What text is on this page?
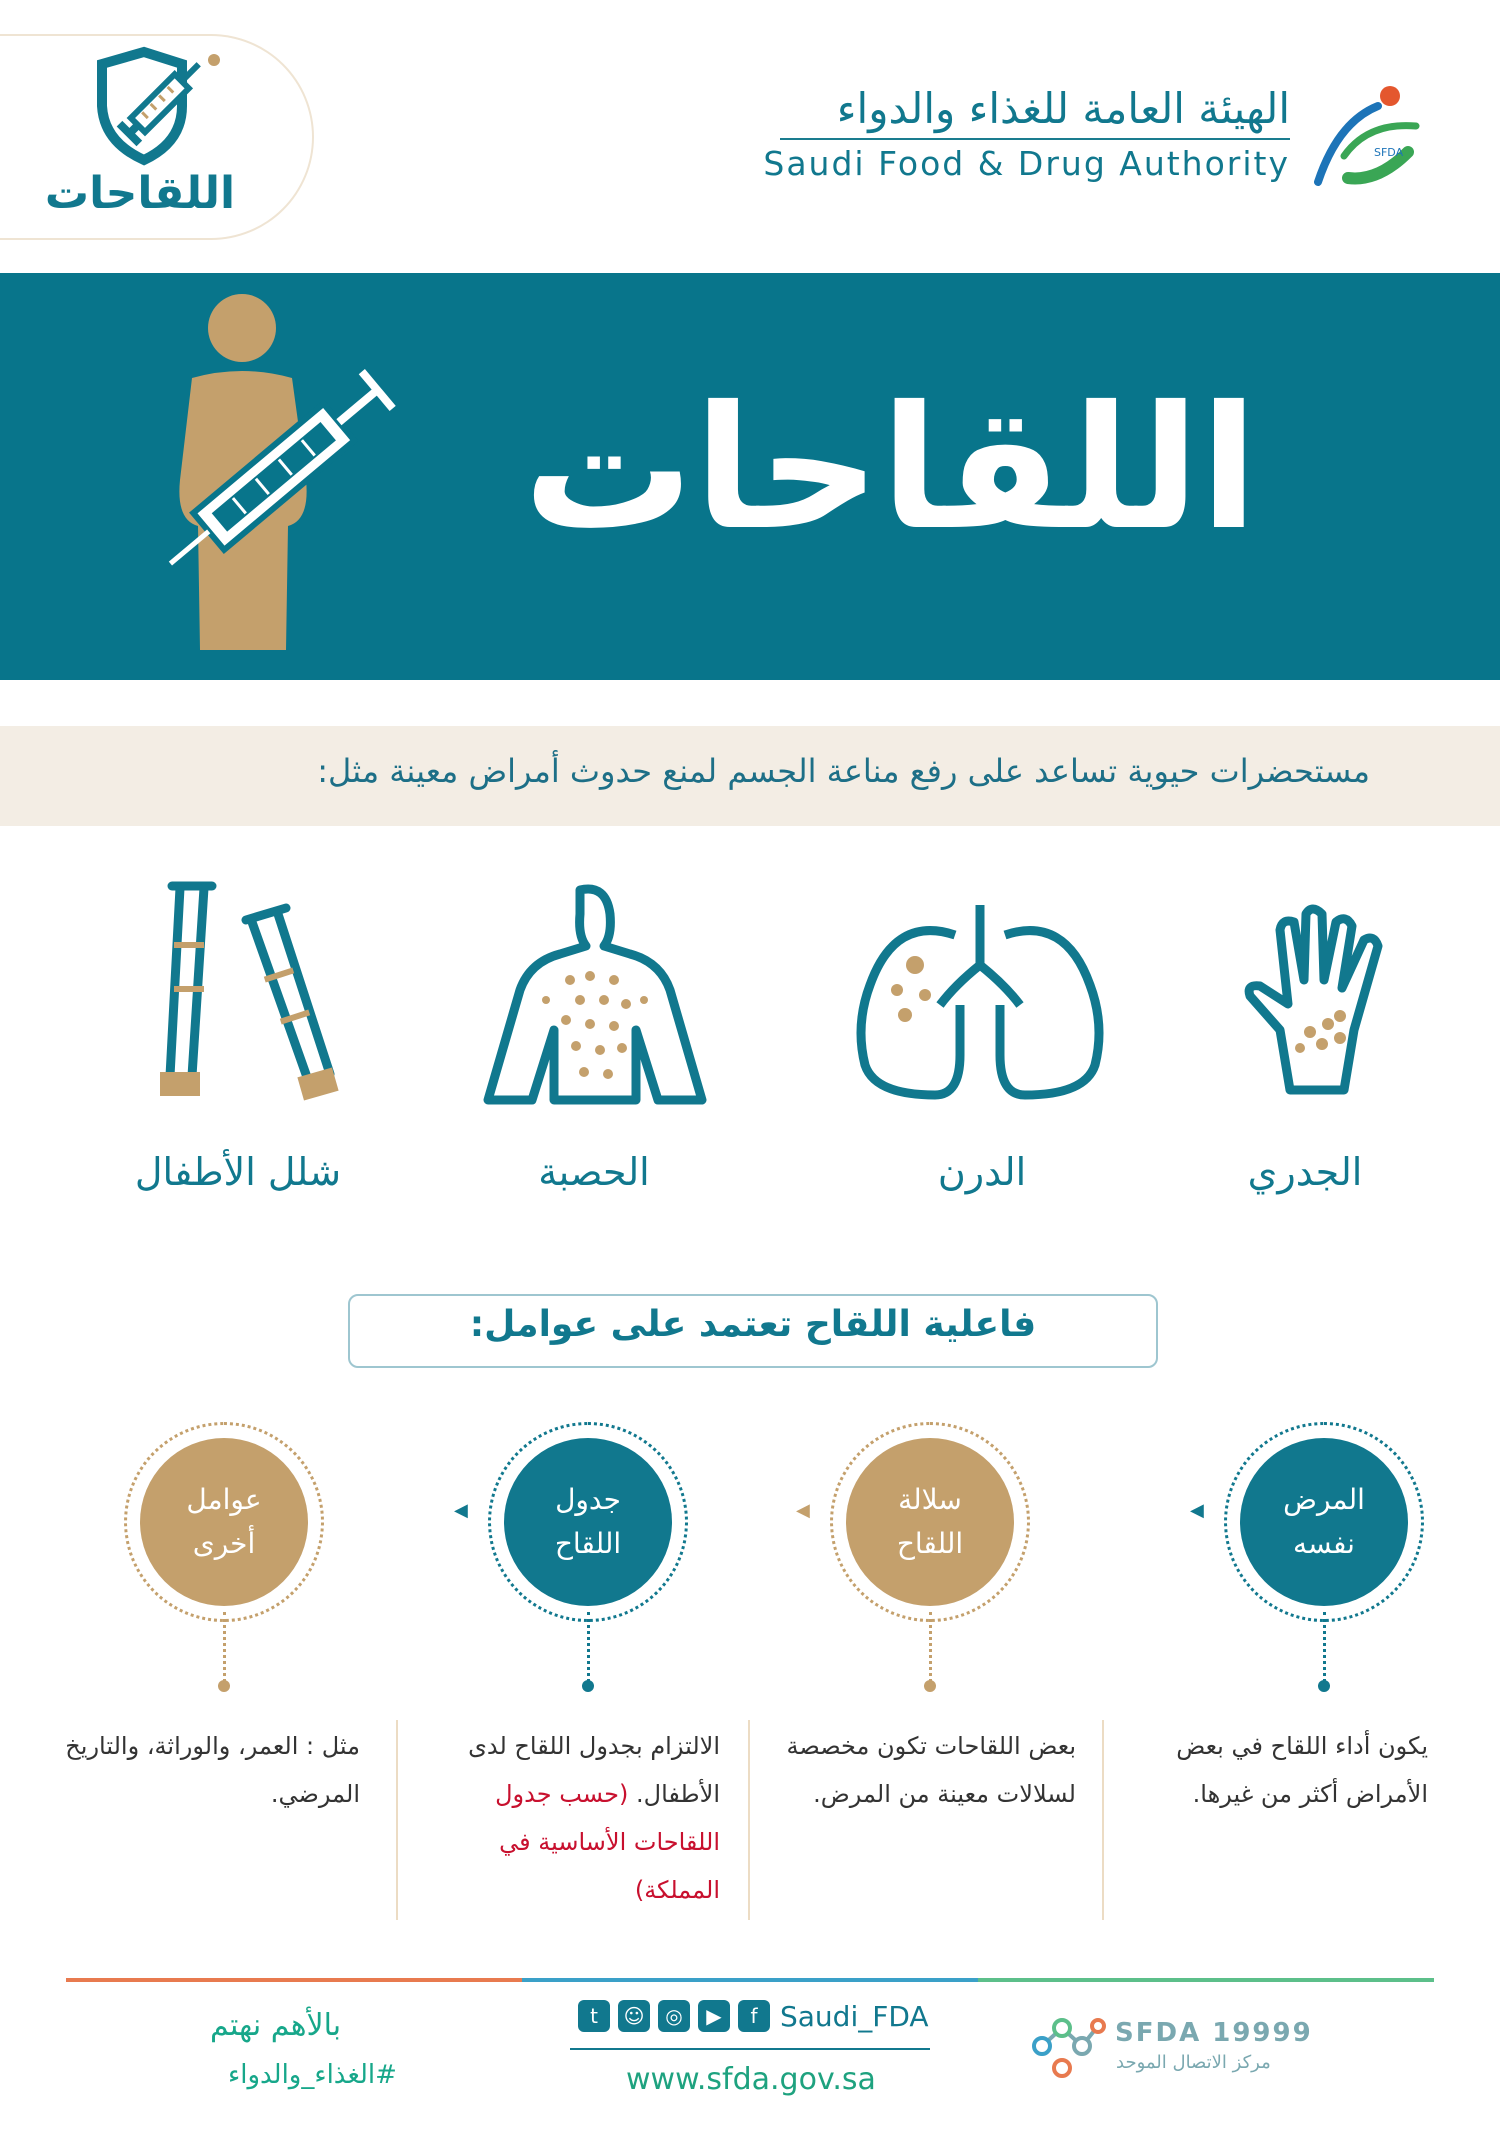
اللقاحات
الهيئة العامة للغذاء والدواء
Saudi Food & Drug Authority	SFDA
اللقاحات
مستحضرات حيوية تساعد على رفع مناعة الجسم لمنع حدوث أمراض معينة مثل:
الجدري
الدرن
الحصبة
شلل الأطفال
فاعلية اللقاح تعتمد على عوامل:
المرض
نفسه
◀
سلالة
اللقاح
◀
جدول
اللقاح
◀
عوامل
أخرى
يكون أداء اللقاح في بعض الأمراض أكثر من غيرها.
بعض اللقاحات تكون مخصصة لسلالات معينة من المرض.
الالتزام بجدول اللقاح لدى الأطفال. (حسب جدول اللقاحات الأساسية في المملكة)
مثل : العمر، والوراثة، والتاريخ المرضي.
بالأهم نهتم
#الغذاء_والدواء
t	☺	◎	▶	f Saudi_FDA
www.sfda.gov.sa
SFDA 19999
مركز الاتصال الموحد
